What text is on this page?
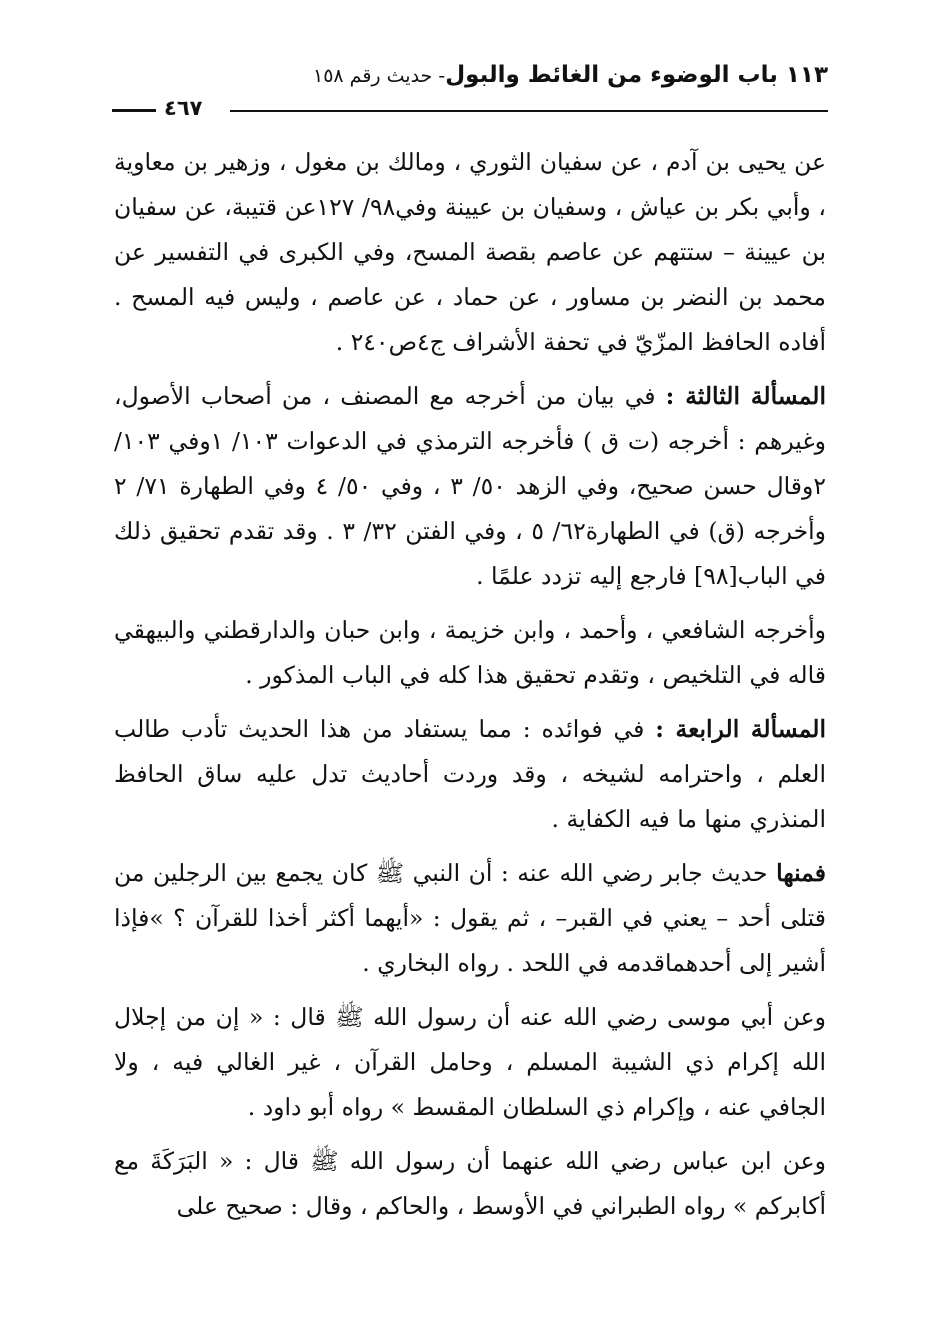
١١٣ باب الوضوء من الغائط والبول- حديث رقم ١٥٨
٤٦٧

عن يحيى بن آدم ، عن سفيان الثوري ، ومالك بن مغول ، وزهير بن معاوية ، وأبي بكر بن عياش ، وسفيان بن عيينة وفي٩٨/ ١٢٧عن قتيبة، عن سفيان بن عيينة – ستتهم عن عاصم بقصة المسح، وفي الكبرى في التفسير عن محمد بن النضر بن مساور ، عن حماد ، عن عاصم ، وليس فيه المسح . أفاده الحافظ المزّيّ في تحفة الأشراف ج٤ص٢٤٠ .

المسألة الثالثة : في بيان من أخرجه مع المصنف ، من أصحاب الأصول، وغيرهم : أخرجه (ت ق ) فأخرجه الترمذي في الدعوات ١٠٣/ ١وفي ١٠٣/ ٢وقال حسن صحيح، وفي الزهد ٥٠/ ٣ ، وفي ٥٠/ ٤ وفي الطهارة ٧١/ ٢ وأخرجه (ق) في الطهارة٦٢/ ٥ ، وفي الفتن ٣٢/ ٣ . وقد تقدم تحقيق ذلك في الباب[٩٨] فارجع إليه تزدد علمًا .

وأخرجه الشافعي ، وأحمد ، وابن خزيمة ، وابن حبان والدارقطني والبيهقي قاله في التلخيص ، وتقدم تحقيق هذا كله في الباب المذكور .

المسألة الرابعة : في فوائده : مما يستفاد من هذا الحديث تأدب طالب العلم ، واحترامه لشيخه ، وقد وردت أحاديث تدل عليه ساق الحافظ المنذري منها ما فيه الكفاية .

فمنها حديث جابر رضي الله عنه : أن النبي ﷺ كان يجمع بين الرجلين من قتلى أحد – يعني في القبر– ، ثم يقول : «أيهما أكثر أخذا للقرآن ؟ »فإذا أشير إلى أحدهماقدمه في اللحد . رواه البخاري .

وعن أبي موسى رضي الله عنه أن رسول الله ﷺ قال : « إن من إجلال الله إكرام ذي الشيبة المسلم ، وحامل القرآن ، غير الغالي فيه ، ولا الجافي عنه ، وإكرام ذي السلطان المقسط » رواه أبو داود .

وعن ابن عباس رضي الله عنهما أن رسول الله ﷺ قال : « البَرَكَةَ مع أكابركم » رواه الطبراني في الأوسط ، والحاكم ، وقال : صحيح على
